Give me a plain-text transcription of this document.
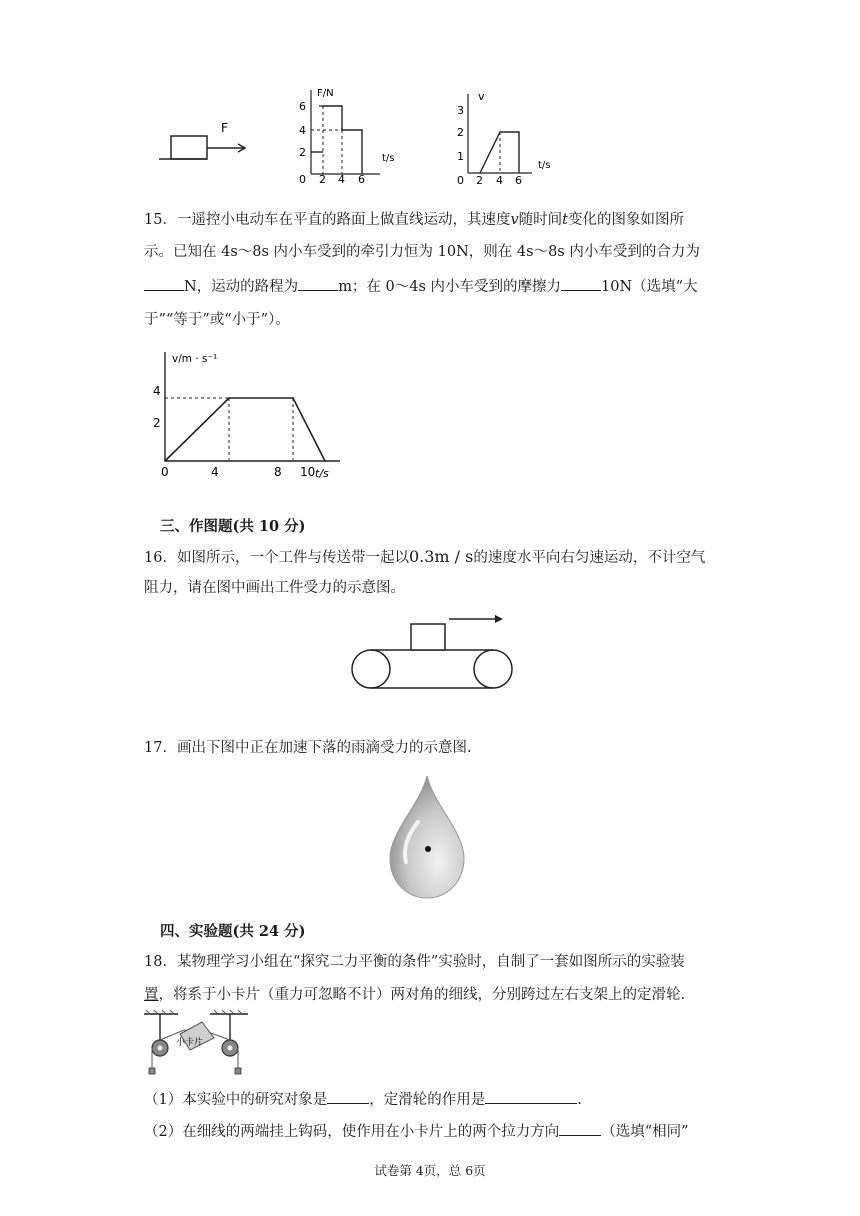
F
F/N
6
4
2
0 2 4 6
t/s
v
3
2
1
0 2 4 6
t/s
15．一遥控小电动车在平直的路面上做直线运动，其速度v随时间t变化的图象如图所
示。已知在 4s～8s 内小车受到的牵引力恒为 10N，则在 4s～8s 内小车受到的合力为
N，运动的路程为	m；在 0～4s 内小车受到的摩擦力	10N（选填“大
于”“等于”或“小于”）。
v/m · s⁻¹
4
2
0	4	8 10 t/s
三、作图题(共 10 分)
16．如图所示，一个工件与传送带一起以0.3m / s的速度水平向右匀速运动，不计空气
阻力，请在图中画出工件受力的示意图。
17．画出下图中正在加速下落的雨滴受力的示意图.
四、实验题(共 24 分)
18．某物理学习小组在“探究二力平衡的条件”实验时，自制了一套如图所示的实验装
置，将系于小卡片（重力可忽略不计）两对角的细线，分别跨过左右支架上的定滑轮.
小卡片
（1）本实验中的研究对象是	，定滑轮的作用是	.
（2）在细线的两端挂上钩码，使作用在小卡片上的两个拉力方向	（选填“相同”
试卷第 4页，总 6页
